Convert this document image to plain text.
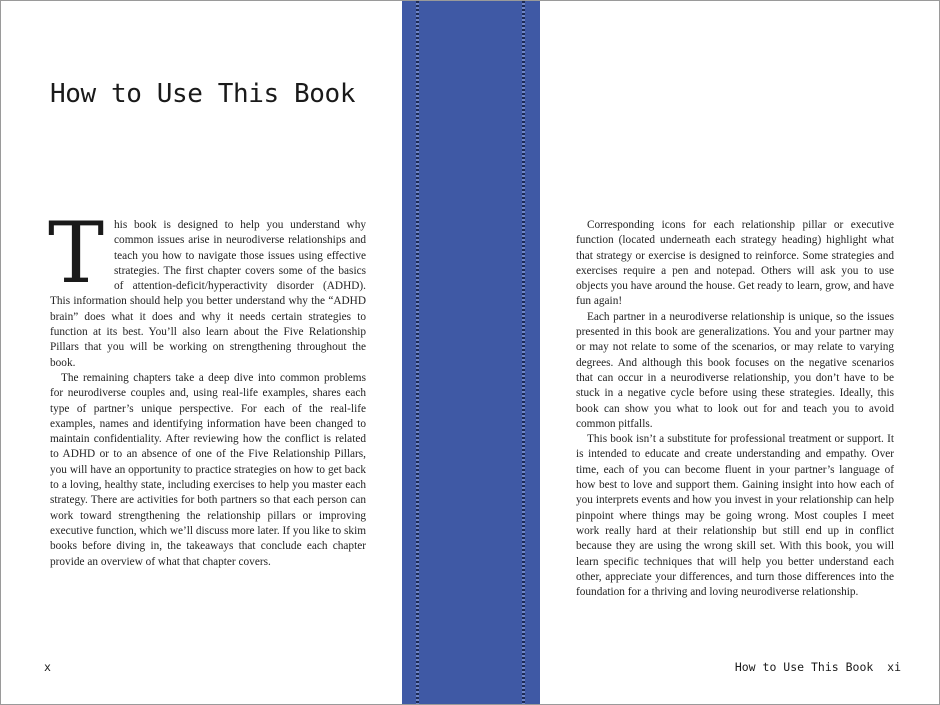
How to Use This Book

This book is designed to help you understand why common issues arise in neurodiverse relationships and teach you how to navigate those issues using effective strategies. The first chapter covers some of the basics of attention-deficit/hyperactivity disorder (ADHD). This information should help you better understand why the “ADHD brain” does what it does and why it needs certain strategies to function at its best. You’ll also learn about the Five Relationship Pillars that you will be working on strengthening throughout the book.

The remaining chapters take a deep dive into common problems for neurodiverse couples and, using real-life examples, shares each type of partner’s unique perspective. For each of the real-life examples, names and identifying information have been changed to maintain confidentiality. After reviewing how the conflict is related to ADHD or to an absence of one of the Five Relationship Pillars, you will have an opportunity to practice strategies on how to get back to a loving, healthy state, including exercises to help you master each strategy. There are activities for both partners so that each person can work toward strengthening the relationship pillars or improving executive function, which we’ll discuss more later. If you like to skim books before diving in, the takeaways that conclude each chapter provide an overview of what that chapter covers.

x

Corresponding icons for each relationship pillar or executive function (located underneath each strategy heading) highlight what that strategy or exercise is designed to reinforce. Some strategies and exercises require a pen and notepad. Others will ask you to use objects you have around the house. Get ready to learn, grow, and have fun again!

Each partner in a neurodiverse relationship is unique, so the issues presented in this book are generalizations. You and your partner may or may not relate to some of the scenarios, or may relate to varying degrees. And although this book focuses on the negative scenarios that can occur in a neurodiverse relationship, you don’t have to be stuck in a negative cycle before using these strategies. Ideally, this book can show you what to look out for and teach you to avoid common pitfalls.

This book isn’t a substitute for professional treatment or support. It is intended to educate and create understanding and empathy. Over time, each of you can become fluent in your partner’s language of how best to love and support them. Gaining insight into how each of you interprets events and how you invest in your relationship can help pinpoint where things may be going wrong. Most couples I meet work really hard at their relationship but still end up in conflict because they are using the wrong skill set. With this book, you will learn specific techniques that will help you better understand each other, appreciate your differences, and turn those differences into the foundation for a thriving and loving neurodiverse relationship.

How to Use This Book  xi
